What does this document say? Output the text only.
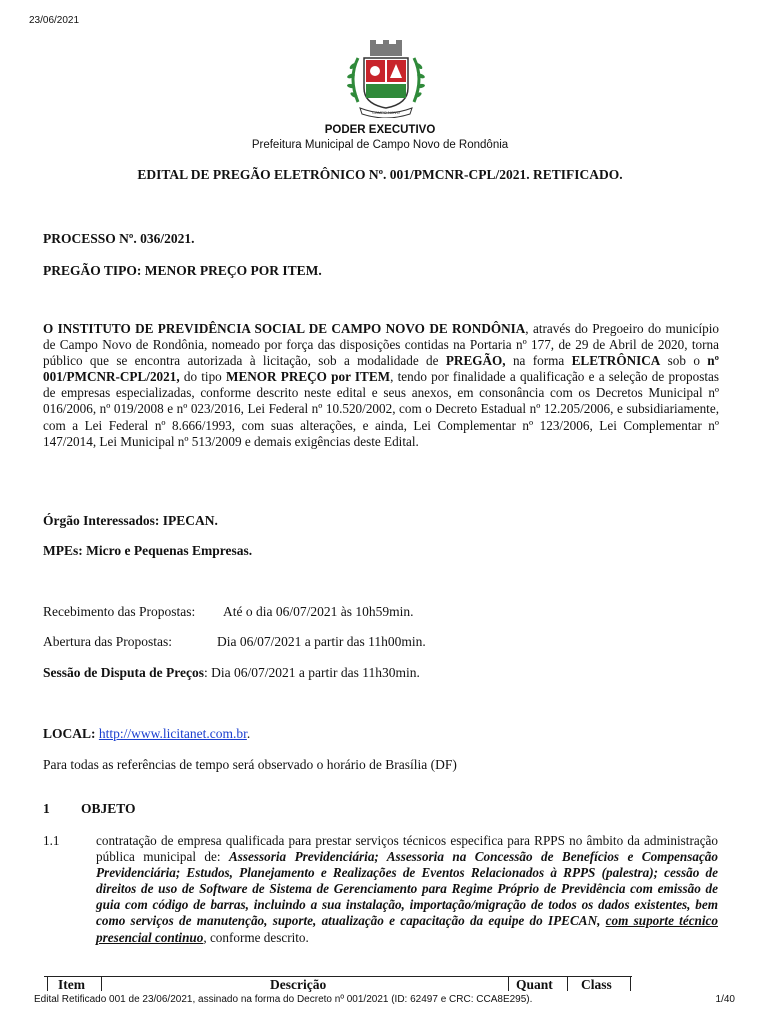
23/06/2021
CAMPO NOVO
PODER EXECUTIVO
Prefeitura Municipal de Campo Novo de Rondônia
EDITAL DE PREGÃO ELETRÔNICO Nº. 001/PMCNR-CPL/2021. RETIFICADO.
PROCESSO Nº. 036/2021.
PREGÃO TIPO: MENOR PREÇO POR ITEM.
O INSTITUTO DE PREVIDÊNCIA SOCIAL DE CAMPO NOVO DE RONDÔNIA, através do Pregoeiro do município de Campo Novo de Rondônia, nomeado por força das disposições contidas na Portaria nº 177, de 29 de Abril de 2020, torna público que se encontra autorizada à licitação, sob a modalidade de PREGÃO, na forma ELETRÔNICA sob o nº 001/PMCNR-CPL/2021, do tipo MENOR PREÇO por ITEM, tendo por finalidade a qualificação e a seleção de propostas de empresas especializadas, conforme descrito neste edital e seus anexos, em consonância com os Decretos Municipal nº 016/2006, nº 019/2008 e nº 023/2016, Lei Federal nº 10.520/2002, com o Decreto Estadual nº 12.205/2006, e subsidiariamente, com a Lei Federal nº 8.666/1993, com suas alterações, e ainda, Lei Complementar nº 123/2006, Lei Complementar nº 147/2014, Lei Municipal nº 513/2009 e demais exigências deste Edital.
Órgão Interessados: IPECAN.
MPEs: Micro e Pequenas Empresas.
Recebimento das Propostas: Até o dia 06/07/2021 às 10h59min.
Abertura das Propostas:	Dia 06/07/2021 a partir das 11h00min.
Sessão de Disputa de Preços: Dia 06/07/2021 a partir das 11h30min.
LOCAL: http://www.licitanet.com.br.
Para todas as referências de tempo será observado o horário de Brasília (DF)
1 OBJETO
1.1	contratação de empresa qualificada para prestar serviços técnicos especifica para RPPS no âmbito da administração pública municipal de: Assessoria Previdenciária; Assessoria na Concessão de Benefícios e Compensação Previdenciária; Estudos, Planejamento e Realizações de Eventos Relacionados à RPPS (palestra); cessão de direitos de uso de Software de Sistema de Gerenciamento para Regime Próprio de Previdência com emissão de guia com código de barras, incluindo a sua instalação, importação/migração de todos os dados existentes, bem como serviços de manutenção, suporte, atualização e capacitação da equipe do IPECAN, com suporte técnico presencial continuo, conforme descrito.
Item	Descrição	Quant Class
Edital Retificado 001 de 23/06/2021, assinado na forma do Decreto nº 001/2021 (ID: 62497 e CRC: CCA8E295).	1/40
